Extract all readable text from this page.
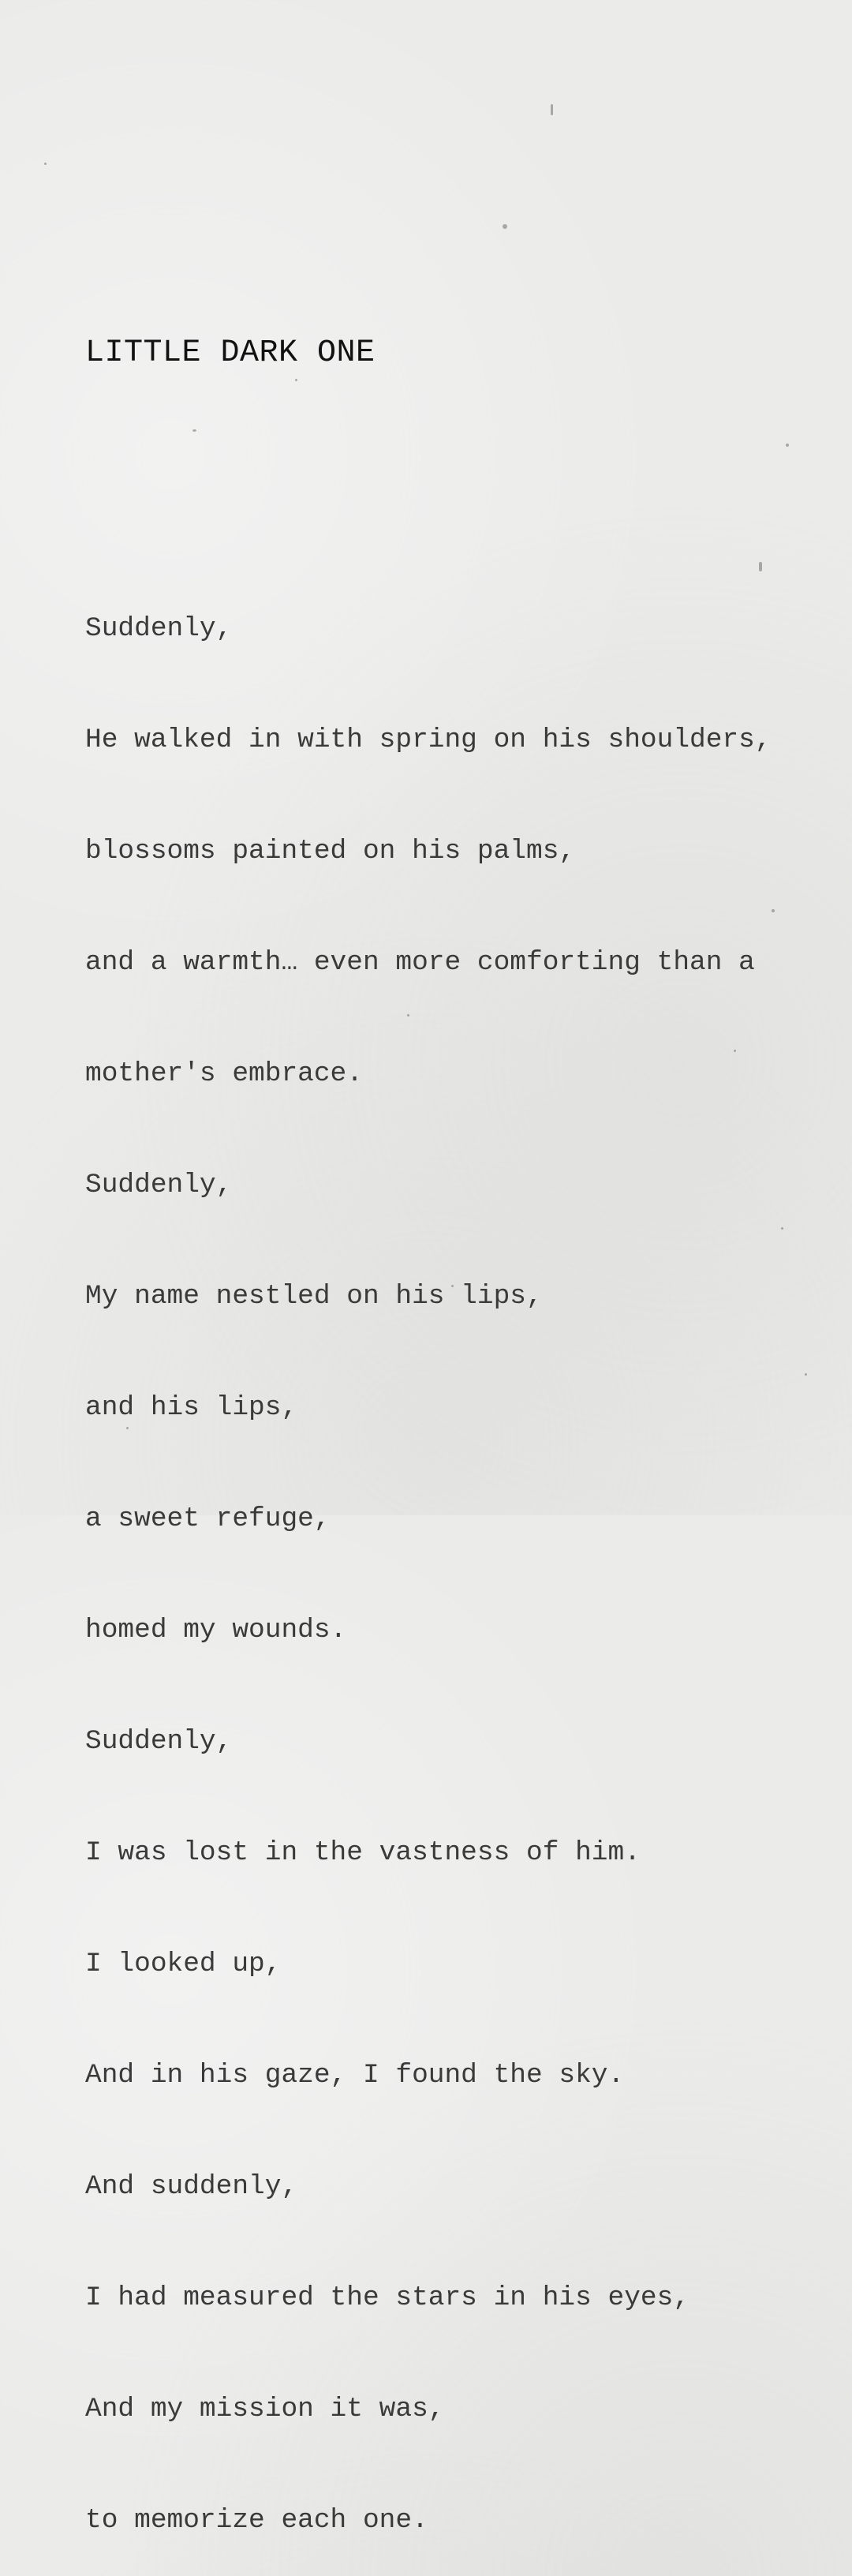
LITTLE DARK ONE

Suddenly,

He walked in with spring on his shoulders,

blossoms painted on his palms,

and a warmth… even more comforting than a

mother's embrace.

Suddenly,

My name nestled on his lips,

and his lips,

a sweet refuge,

homed my wounds.

Suddenly,

I was lost in the vastness of him.

I looked up,

And in his gaze, I found the sky.

And suddenly,

I had measured the stars in his eyes,

And my mission it was,

to memorize each one.
